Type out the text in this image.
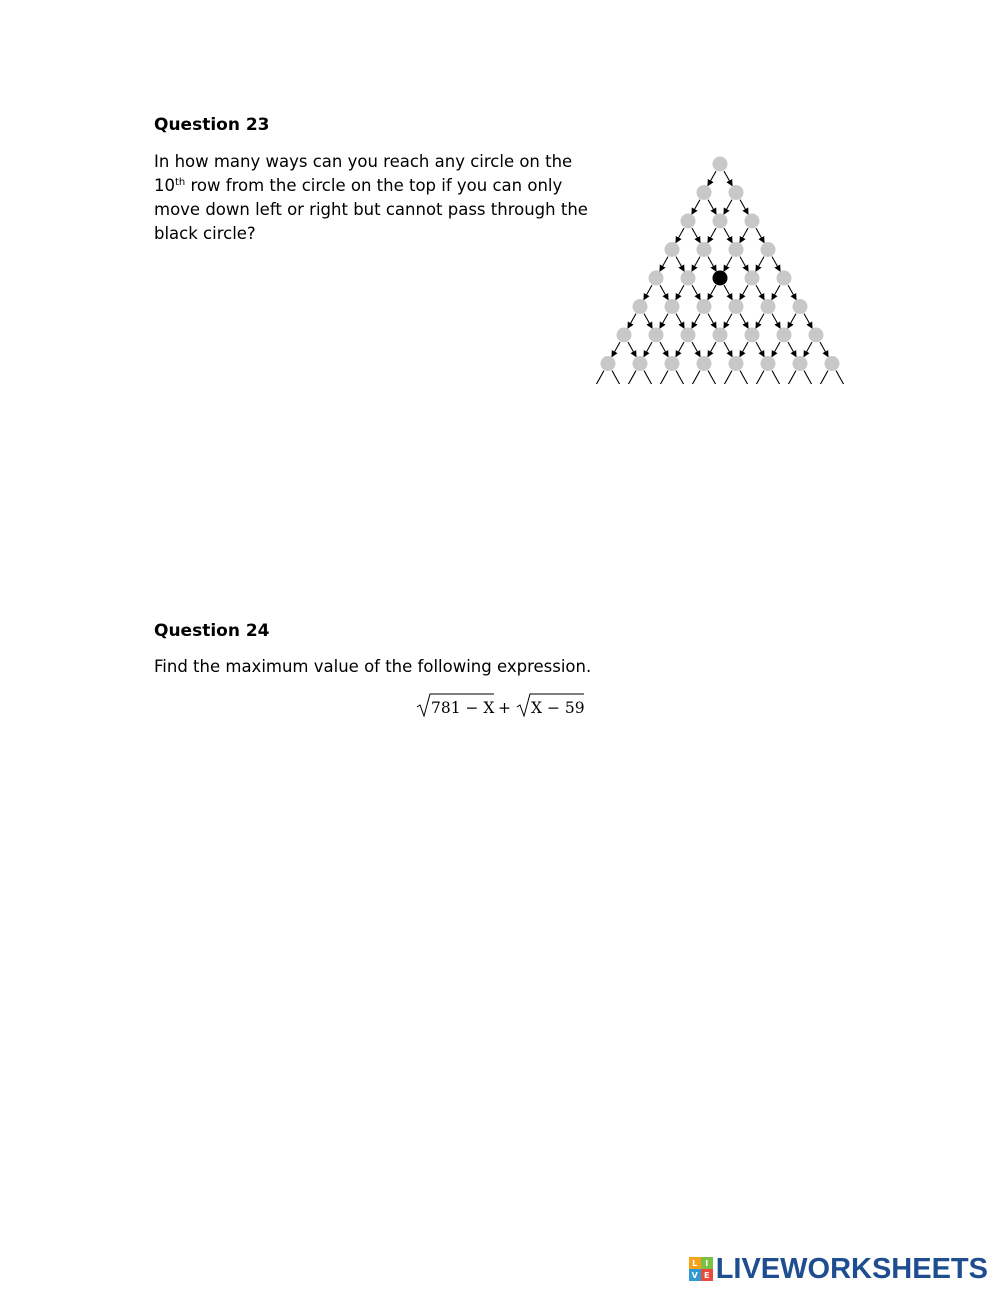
Question 23
In how many ways can you reach any circle on the
10th row from the circle on the top if you can only
move down left or right but cannot pass through the
black circle?
Question 24
Find the maximum value of the following expression.
781 − X + X − 59
L I
V E LIVEWORKSHEETS
